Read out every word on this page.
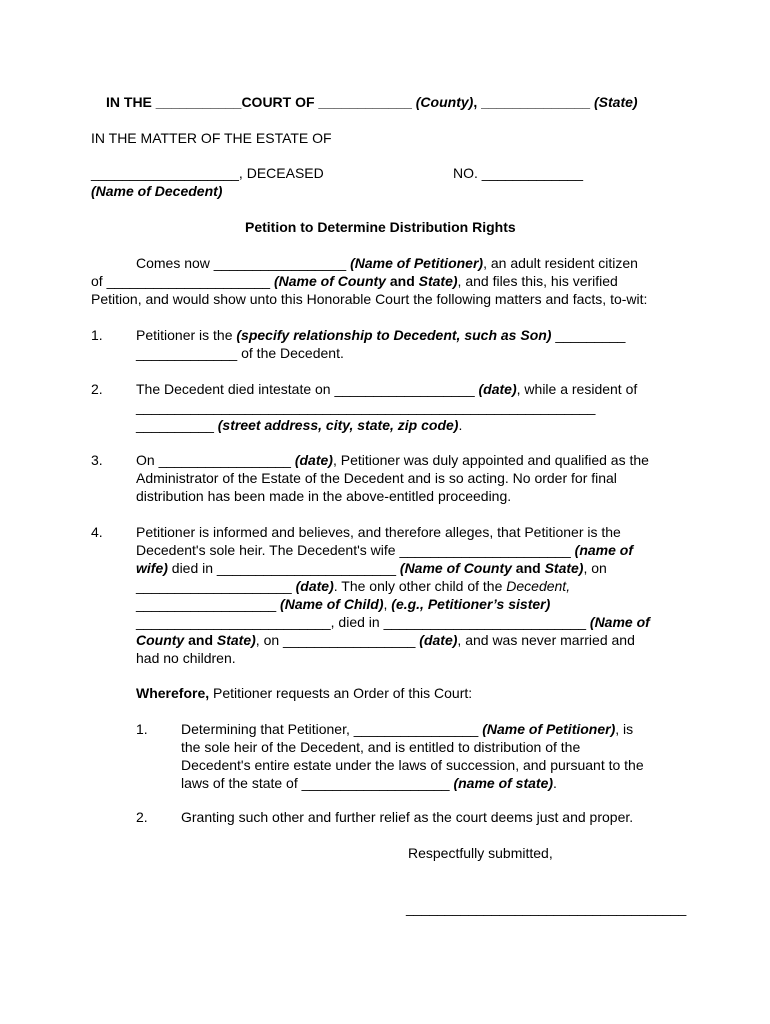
IN THE ___________COURT OF ____________ (County), ______________ (State)
IN THE MATTER OF THE ESTATE OF
___________________, DECEASED	NO. _____________
(Name of Decedent)
Petition to Determine Distribution Rights
Comes now _________________ (Name of Petitioner), an adult resident citizen
of _____________________ (Name of County and State), and files this, his verified
Petition, and would show unto this Honorable Court the following matters and facts, to-wit:
1. Petitioner is the (specify relationship to Decedent, such as Son) _________
_____________ of the Decedent.
2. The Decedent died intestate on __________________ (date), while a resident of
___________________________________________________________
__________ (street address, city, state, zip code).
3. On _________________ (date), Petitioner was duly appointed and qualified as the
Administrator of the Estate of the Decedent and is so acting. No order for final
distribution has been made in the above-entitled proceeding.
4. Petitioner is informed and believes, and therefore alleges, that Petitioner is the
Decedent's sole heir. The Decedent's wife ______________________ (name of
wife) died in _______________________ (Name of County and State), on
____________________ (date). The only other child of the Decedent,
__________________ (Name of Child), (e.g., Petitioner’s sister)
_________________________, died in __________________________ (Name of
County and State), on _________________ (date), and was never married and
had no children.
Wherefore, Petitioner requests an Order of this Court:
1. Determining that Petitioner, ________________ (Name of Petitioner), is
the sole heir of the Decedent, and is entitled to distribution of the
Decedent's entire estate under the laws of succession, and pursuant to the
laws of the state of ___________________ (name of state).
2. Granting such other and further relief as the court deems just and proper.
Respectfully submitted,
____________________________________
